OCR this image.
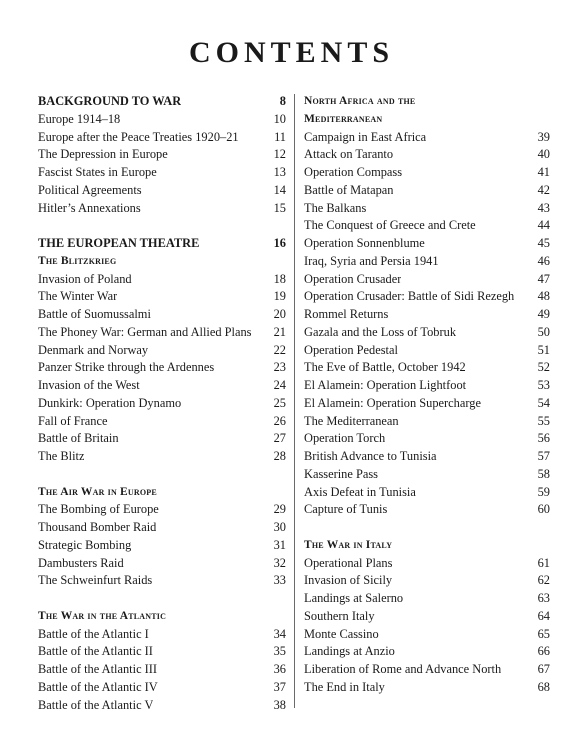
CONTENTS
BACKGROUND TO WAR	8
Europe 1914–18	10
Europe after the Peace Treaties 1920–21	11
The Depression in Europe	12
Fascist States in Europe	13
Political Agreements	14
Hitler’s Annexations	15
THE EUROPEAN THEATRE	16
The Blitzkrieg
Invasion of Poland	18
The Winter War	19
Battle of Suomussalmi	20
The Phoney War: German and Allied Plans	21
Denmark and Norway	22
Panzer Strike through the Ardennes	23
Invasion of the West	24
Dunkirk: Operation Dynamo	25
Fall of France	26
Battle of Britain	27
The Blitz	28
The Air War in Europe
The Bombing of Europe	29
Thousand Bomber Raid	30
Strategic Bombing	31
Dambusters Raid	32
The Schweinfurt Raids	33
The War in the Atlantic
Battle of the Atlantic I	34
Battle of the Atlantic II	35
Battle of the Atlantic III	36
Battle of the Atlantic IV	37
Battle of the Atlantic V	38
North Africa and the
Mediterranean
Campaign in East Africa	39
Attack on Taranto	40
Operation Compass	41
Battle of Matapan	42
The Balkans	43
The Conquest of Greece and Crete	44
Operation Sonnenblume	45
Iraq, Syria and Persia 1941	46
Operation Crusader	47
Operation Crusader: Battle of Sidi Rezegh	48
Rommel Returns	49
Gazala and the Loss of Tobruk	50
Operation Pedestal	51
The Eve of Battle, October 1942	52
El Alamein: Operation Lightfoot	53
El Alamein: Operation Supercharge	54
The Mediterranean	55
Operation Torch	56
British Advance to Tunisia	57
Kasserine Pass	58
Axis Defeat in Tunisia	59
Capture of Tunis	60
The War in Italy
Operational Plans	61
Invasion of Sicily	62
Landings at Salerno	63
Southern Italy	64
Monte Cassino	65
Landings at Anzio	66
Liberation of Rome and Advance North	67
The End in Italy	68
